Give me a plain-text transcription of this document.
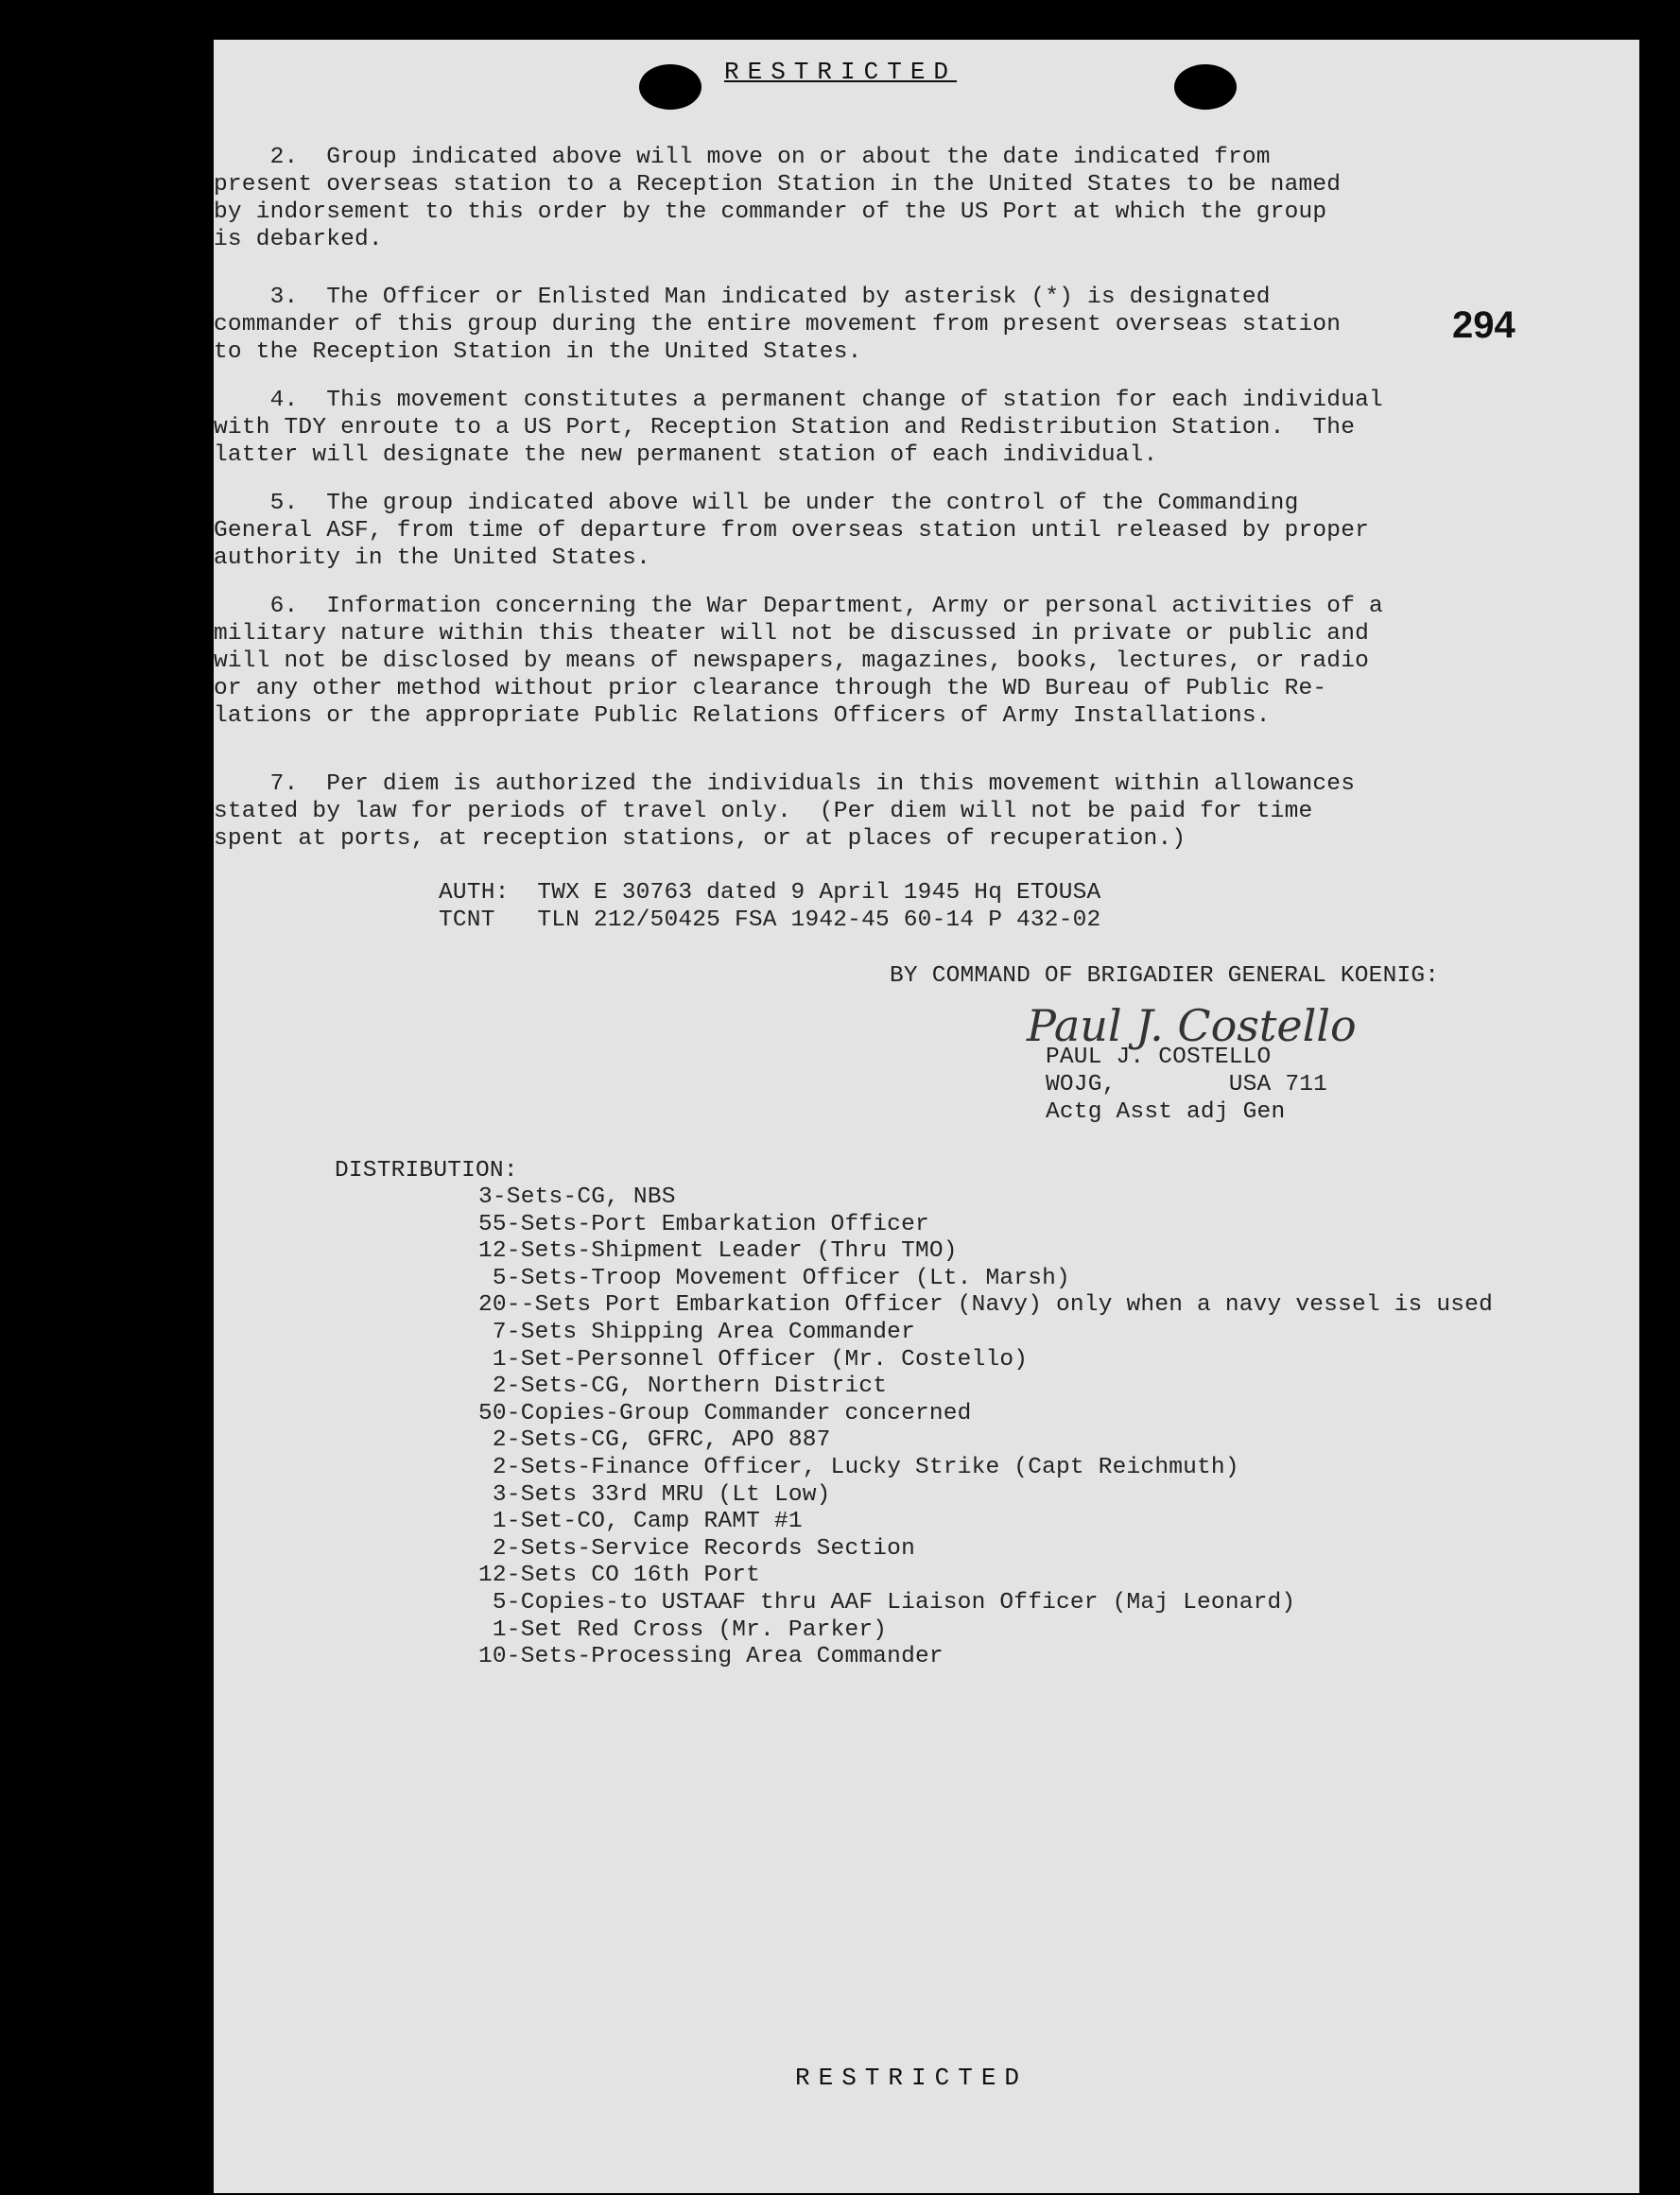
RESTRICTED
294
2.  Group indicated above will move on or about the date indicated from
present overseas station to a Reception Station in the United States to be named
by indorsement to this order by the commander of the US Port at which the group
is debarked.
3.  The Officer or Enlisted Man indicated by asterisk (*) is designated
commander of this group during the entire movement from present overseas station
to the Reception Station in the United States.
4.  This movement constitutes a permanent change of station for each individual
with TDY enroute to a US Port, Reception Station and Redistribution Station.  The
latter will designate the new permanent station of each individual.
5.  The group indicated above will be under the control of the Commanding
General ASF, from time of departure from overseas station until released by proper
authority in the United States.
6.  Information concerning the War Department, Army or personal activities of a
military nature within this theater will not be discussed in private or public and
will not be disclosed by means of newspapers, magazines, books, lectures, or radio
or any other method without prior clearance through the WD Bureau of Public Re-
lations or the appropriate Public Relations Officers of Army Installations.
7.  Per diem is authorized the individuals in this movement within allowances
stated by law for periods of travel only.  (Per diem will not be paid for time
spent at ports, at reception stations, or at places of recuperation.)
AUTH:  TWX E 30763 dated 9 April 1945 Hq ETOUSA
TCNT   TLN 212/50425 FSA 1942-45 60-14 P 432-02
BY COMMAND OF BRIGADIER GENERAL KOENIG:
Paul J. Costello
PAUL J. COSTELLO
WOJG,        USA 711
Actg Asst adj Gen
DISTRIBUTION:
3-Sets-CG, NBS
55-Sets-Port Embarkation Officer
12-Sets-Shipment Leader (Thru TMO)
5-Sets-Troop Movement Officer (Lt. Marsh)
20--Sets Port Embarkation Officer (Navy) only when a navy vessel is used
7-Sets Shipping Area Commander
1-Set-Personnel Officer (Mr. Costello)
2-Sets-CG, Northern District
50-Copies-Group Commander concerned
2-Sets-CG, GFRC, APO 887
2-Sets-Finance Officer, Lucky Strike (Capt Reichmuth)
3-Sets 33rd MRU (Lt Low)
1-Set-CO, Camp RAMT #1
2-Sets-Service Records Section
12-Sets CO 16th Port
5-Copies-to USTAAF thru AAF Liaison Officer (Maj Leonard)
1-Set Red Cross (Mr. Parker)
10-Sets-Processing Area Commander
RESTRICTED
